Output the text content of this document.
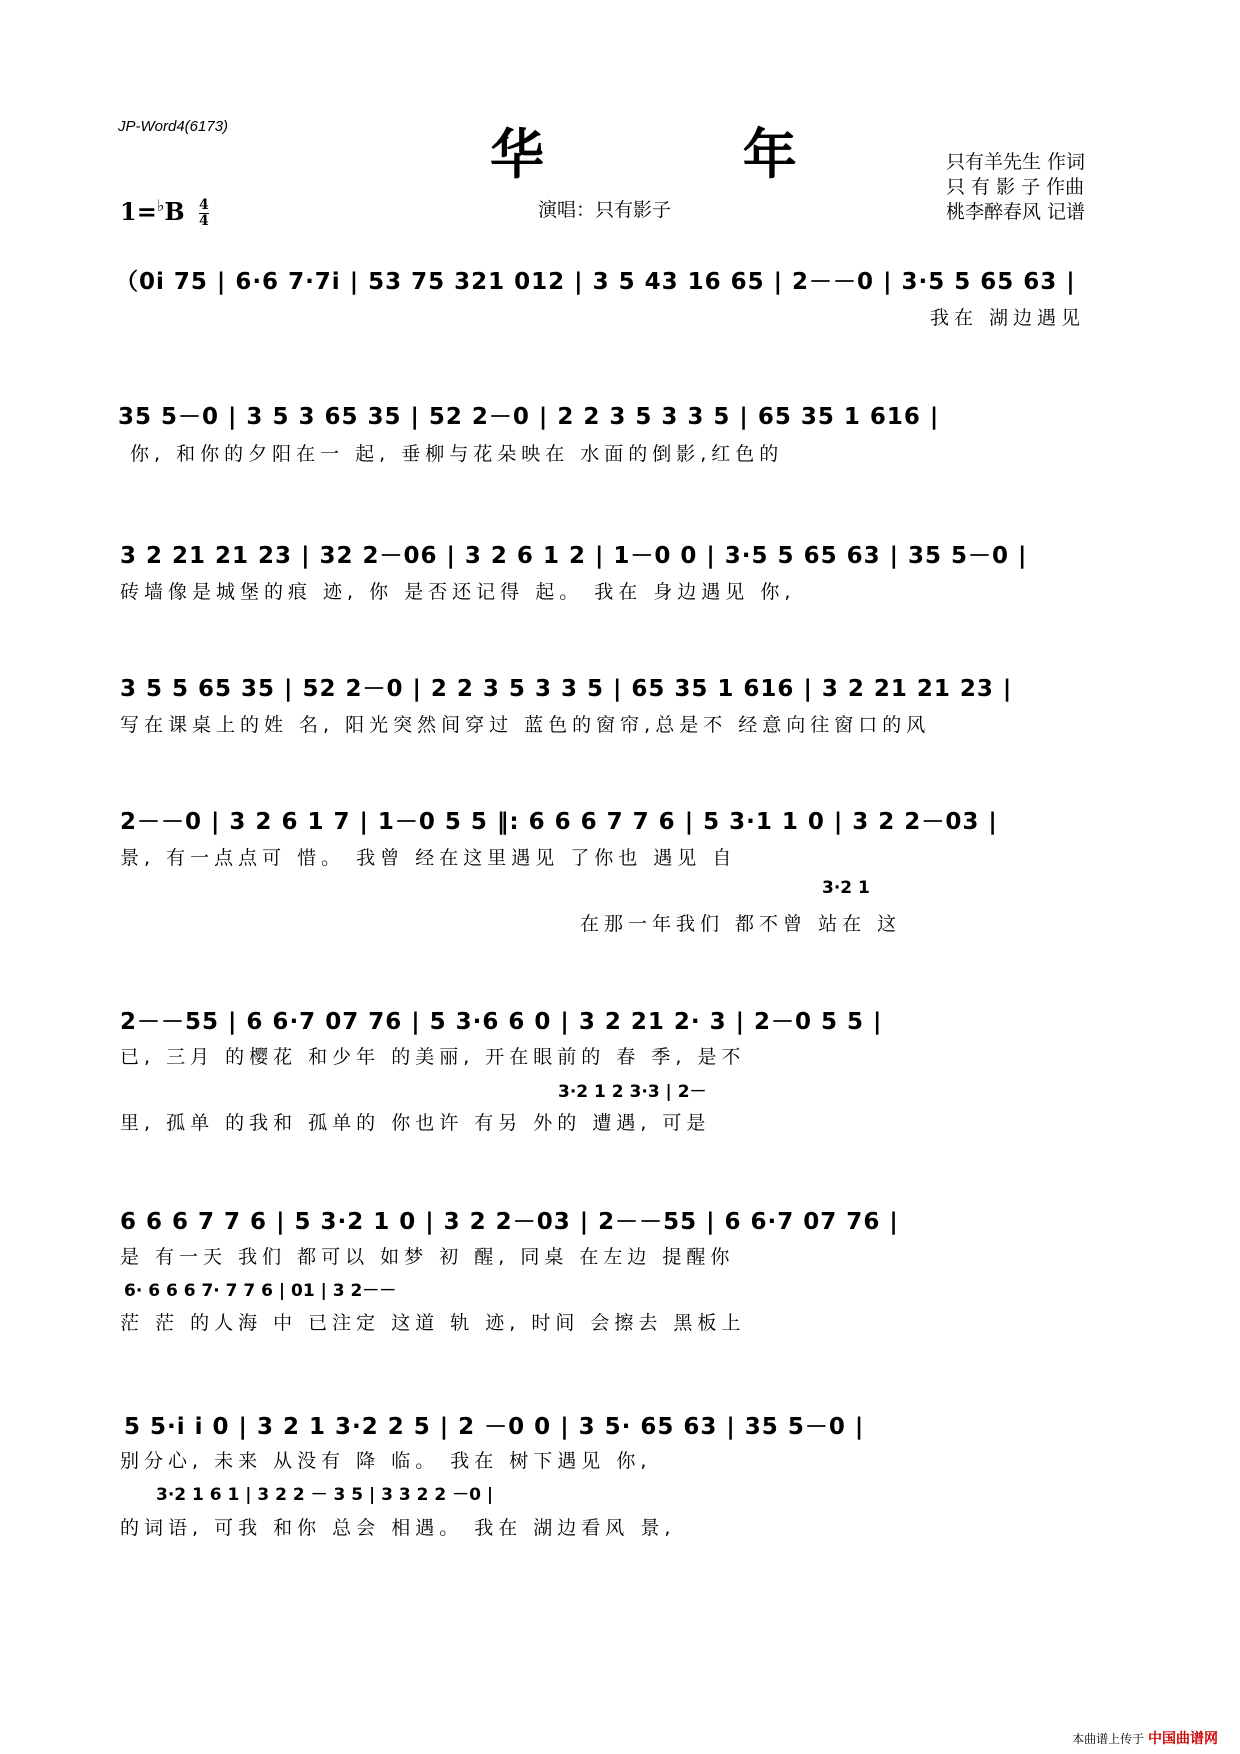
JP-Word4(6173)	华 年
$1=^♭B \frac{4}{4}$	演唱：只有影子
只有羊先生 作词
只 有 影 子 作曲
桃李醉春风 记谱
（0i 75 | 6·6 7·7i | 53 75 321 012 | 3 5 43 16 65 | 2－－0 | 3·5 5 65 63 |
我在 湖边遇见
35 5－0 | 3 5 3 65 35 | 52 2－0 | 2 2 3 5 3 3 5 | 65 35 1 616 |
你, 和你的夕阳在一 起, 垂柳与花朵映在 水面的倒影,红色的
3 2 21 21 23 | 32 2－06 | 3 2 6 1 2 | 1－0 0 | 3·5 5 65 63 | 35 5－0 |
砖墙像是城堡的痕 迹, 你 是否还记得 起。 我在 身边遇见 你,
3 5 5 65 35 | 52 2－0 | 2 2 3 5 3 3 5 | 65 35 1 616 | 3 2 21 21 23 |
写在课桌上的姓 名, 阳光突然间穿过 蓝色的窗帘,总是不 经意向往窗口的风
2－－0 | 3 2 6 1 7 | 1－0 5 5 ‖: 6 6 6 7 7 6 | 5 3·1 1 0 | 3 2 2－03 |
景, 有一点点可 惜。 我曾 经在这里遇见 了你也 遇见 自
3·2 1
在那一年我们 都不曾 站在 这
2－－55 | 6 6·7 07 76 | 5 3·6 6 0 | 3 2 21 2· 3 | 2－0 5 5 |
已, 三月 的樱花 和少年 的美丽, 开在眼前的 春 季, 是不
3·2 1 2 3·3 | 2－
里, 孤单 的我和 孤单的 你也许 有另 外的 遭遇, 可是
6 6 6 7 7 6 | 5 3·2 1 0 | 3 2 2－03 | 2－－55 | 6 6·7 07 76 |
是 有一天 我们 都可以 如梦 初 醒, 同桌 在左边 提醒你
6· 6 6 6 7· 7 7 6 | 01 | 3 2－－
茫 茫 的人海 中 已注定 这道 轨 迹, 时间 会擦去 黑板上
5 5·i i 0 | 3 2 1 3·2 2 5 | 2 －0 0 | 3 5· 65 63 | 35 5－0 |
别分心, 未来 从没有 降 临。 我在 树下遇见 你,
3·2 1 6 1 | 3 2 2 － 3 5 | 3 3 2 2 －0 |
的词语, 可我 和你 总会 相遇。 我在 湖边看风 景,
本曲谱上传于 中国曲谱网
